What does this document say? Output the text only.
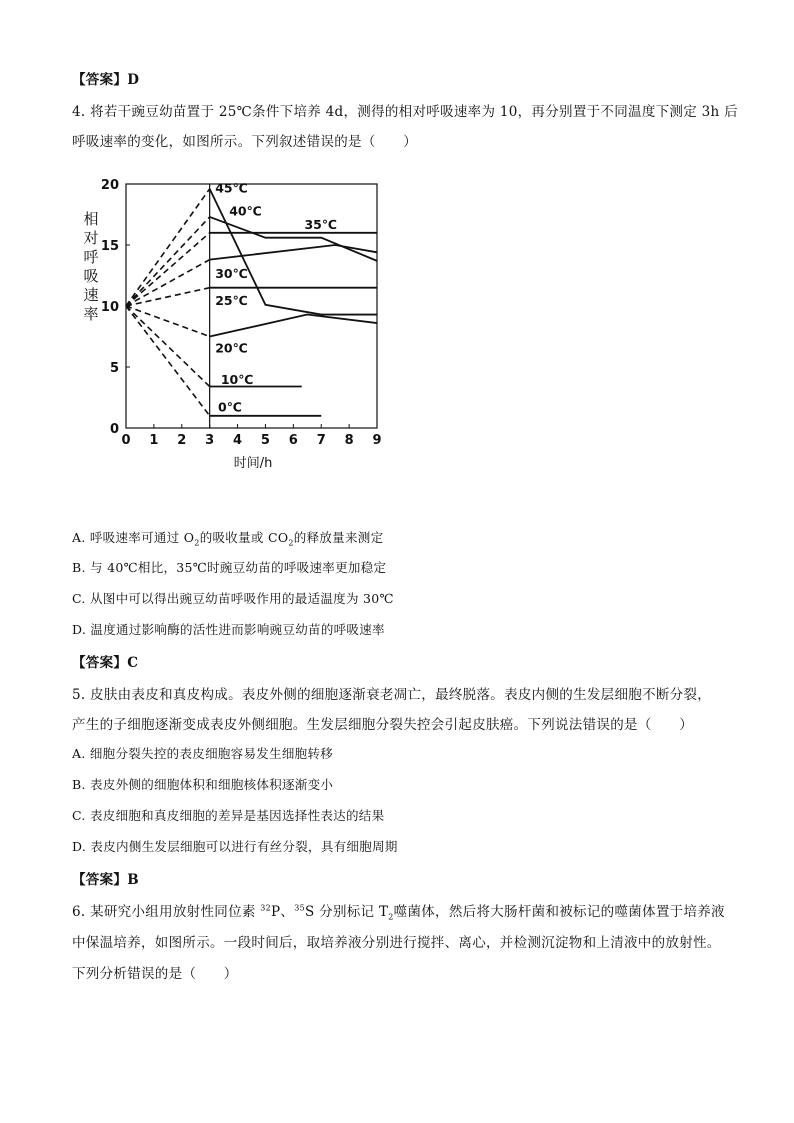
【答案】D
4. 将若干豌豆幼苗置于 25℃条件下培养 4d，测得的相对呼吸速率为 10，再分别置于不同温度下测定 3h 后
呼吸速率的变化，如图所示。下列叙述错误的是（　　）
0 1 2 3 4 5 6 7 8 9
0
5
10
15
20
相
对
呼
吸
速
率
时间/h
45℃
40℃
35℃
30℃
25℃
20℃
10℃
0℃
A. 呼吸速率可通过 $O_2$的吸收量或 $CO_2$的释放量来测定
B. 与 40℃相比，35℃时豌豆幼苗的呼吸速率更加稳定
C. 从图中可以得出豌豆幼苗呼吸作用的最适温度为 30℃
D. 温度通过影响酶的活性进而影响豌豆幼苗的呼吸速率
【答案】C
5. 皮肤由表皮和真皮构成。表皮外侧的细胞逐渐衰老凋亡，最终脱落。表皮内侧的生发层细胞不断分裂，
产生的子细胞逐渐变成表皮外侧细胞。生发层细胞分裂失控会引起皮肤癌。下列说法错误的是（　　）
A. 细胞分裂失控的表皮细胞容易发生细胞转移
B. 表皮外侧的细胞体积和细胞核体积逐渐变小
C. 表皮细胞和真皮细胞的差异是基因选择性表达的结果
D. 表皮内侧生发层细胞可以进行有丝分裂，具有细胞周期
【答案】B
6. 某研究小组用放射性同位素 $^{32}$P、$^{35}$S 分别标记 $T_2$噬菌体，然后将大肠杆菌和被标记的噬菌体置于培养液
中保温培养，如图所示。一段时间后，取培养液分别进行搅拌、离心，并检测沉淀物和上清液中的放射性。
下列分析错误的是（　　）
